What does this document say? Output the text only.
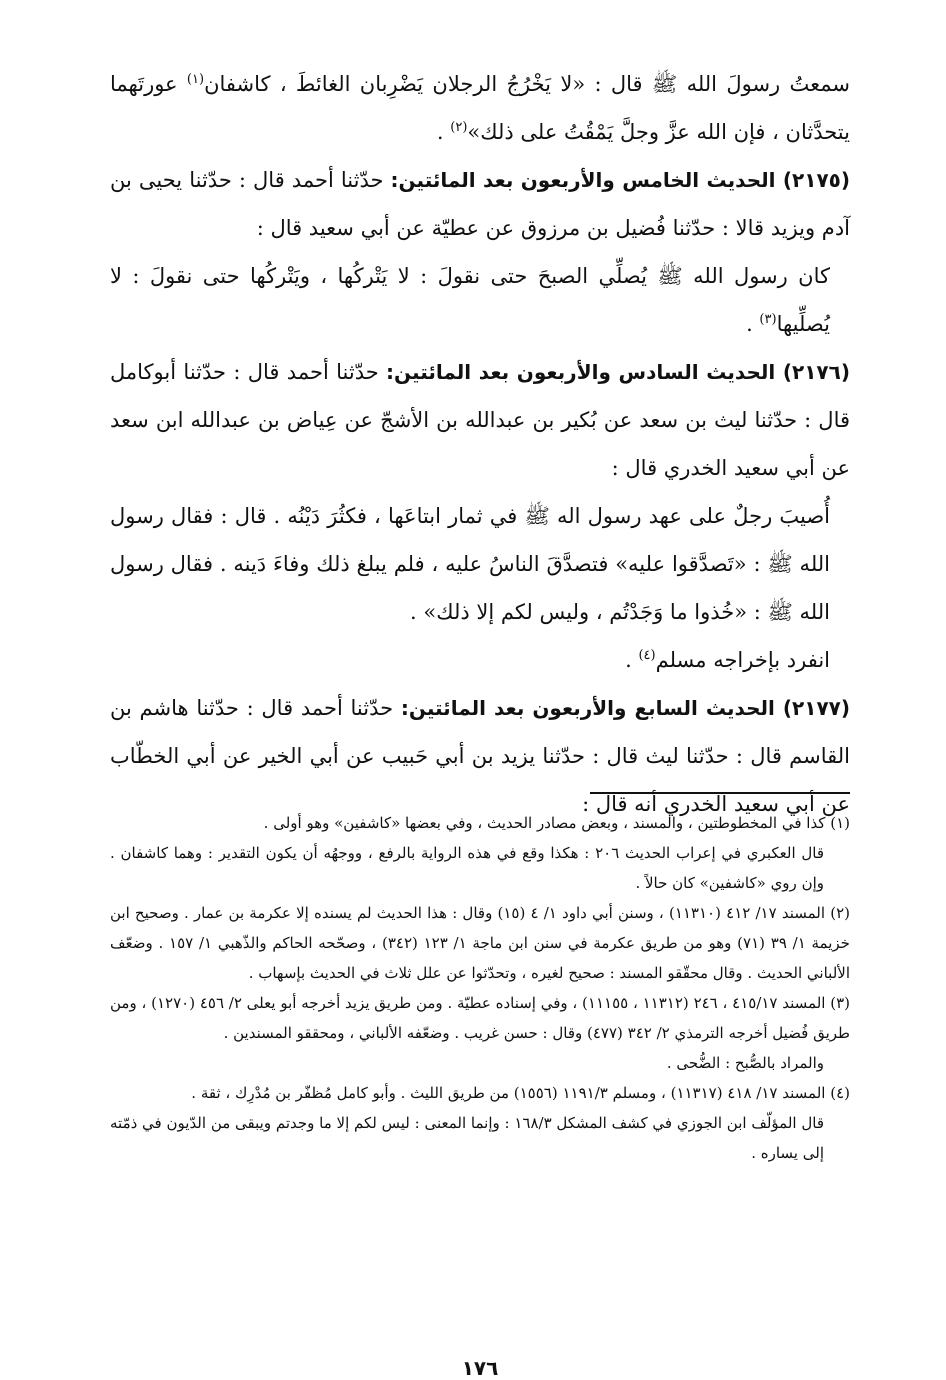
سمعتُ رسولَ الله ﷺ قال : «لا يَخْرُجُ الرجلان يَضْرِبان الغائطَ ، كاشفان$^{(١)}$ عورتَهما يتحدَّثان ، فإن الله عزَّ وجلَّ يَمْقُتُ على ذلك»$^{(٢)}$ .

(٢١٧٥) الحديث الخامس والأربعون بعد المائتين: حدّثنا أحمد قال : حدّثنا يحيى بن آدم ويزيد قالا : حدّثنا فُضيل بن مرزوق عن عطيّة عن أبي سعيد قال :

كان رسول الله ﷺ يُصلِّي الصبحَ حتى نقولَ : لا يَتْركُها ، ويَتْركُها حتى نقولَ : لا يُصلِّيها$^{(٣)}$ .

(٢١٧٦) الحديث السادس والأربعون بعد المائتين: حدّثنا أحمد قال : حدّثنا أبوكامل قال : حدّثنا ليث بن سعد عن بُكير بن عبدالله بن الأشجّ عن عِياض بن عبدالله ابن سعد عن أبي سعيد الخدري قال :

أُصيبَ رجلٌ على عهد رسول اله ﷺ في ثمار ابتاعَها ، فكثُرَ دَيْنُه . قال : فقال رسول الله ﷺ : «تَصدَّقوا عليه» فتصدَّقَ الناسُ عليه ، فلم يبلغ ذلك وفاءَ دَينه . فقال رسول الله ﷺ : «خُذوا ما وَجَدْتُم ، وليس لكم إلا ذلك» .

انفرد بإخراجه مسلم$^{(٤)}$ .

(٢١٧٧) الحديث السابع والأربعون بعد المائتين: حدّثنا أحمد قال : حدّثنا هاشم بن القاسم قال : حدّثنا ليث قال : حدّثنا يزيد بن أبي حَبيب عن أبي الخير عن أبي الخطّاب عن أبي سعيد الخدري أنه قال :

(١) كذا في المخطوطتين ، والمسند ، وبعض مصادر الحديث ، وفي بعضها «كاشفين» وهو أولى .

قال العكبري في إعراب الحديث ٢٠٦ : هكذا وقع في هذه الرواية بالرفع ، ووجهُه أن يكون التقدير : وهما كاشفان . وإن روي «كاشفين» كان حالاً .

(٢) المسند ١٧/ ٤١٢ (١١٣١٠) ، وسنن أبي داود ١/ ٤ (١٥) وقال : هذا الحديث لم يسنده إلا عكرمة بن عمار . وصحيح ابن خزيمة ١/ ٣٩ (٧١) وهو من طريق عكرمة في سنن ابن ماجة ١/ ١٢٣ (٣٤٢) ، وصحّحه الحاكم والذّهبي ١/ ١٥٧ . وضعّف الألباني الحديث . وقال محقّقو المسند : صحيح لغيره ، وتحدّثوا عن علل ثلاث في الحديث بإسهاب .

(٣) المسند ٤١٥/١٧ ، ٢٤٦ (١١٣١٢ ، ١١١٥٥) ، وفي إسناده عطيّة . ومن طريق يزيد أخرجه أبو يعلى ٢/ ٤٥٦ (١٢٧٠) ، ومن طريق فُضيل أخرجه الترمذي ٢/ ٣٤٢ (٤٧٧) وقال : حسن غريب . وضعّفه الألباني ، ومحققو المسندين .

والمراد بالصُّبح : الضُّحى .

(٤) المسند ١٧/ ٤١٨ (١١٣١٧) ، ومسلم ١١٩١/٣ (١٥٥٦) من طريق الليث . وأبو كامل مُظفّر بن مُدْرِك ، ثقة .

قال المؤلّف ابن الجوزي في كشف المشكل ١٦٨/٣ : وإنما المعنى : ليس لكم إلا ما وجدتم ويبقى من الدّيون في ذمّته إلى يساره .

١٧٦
